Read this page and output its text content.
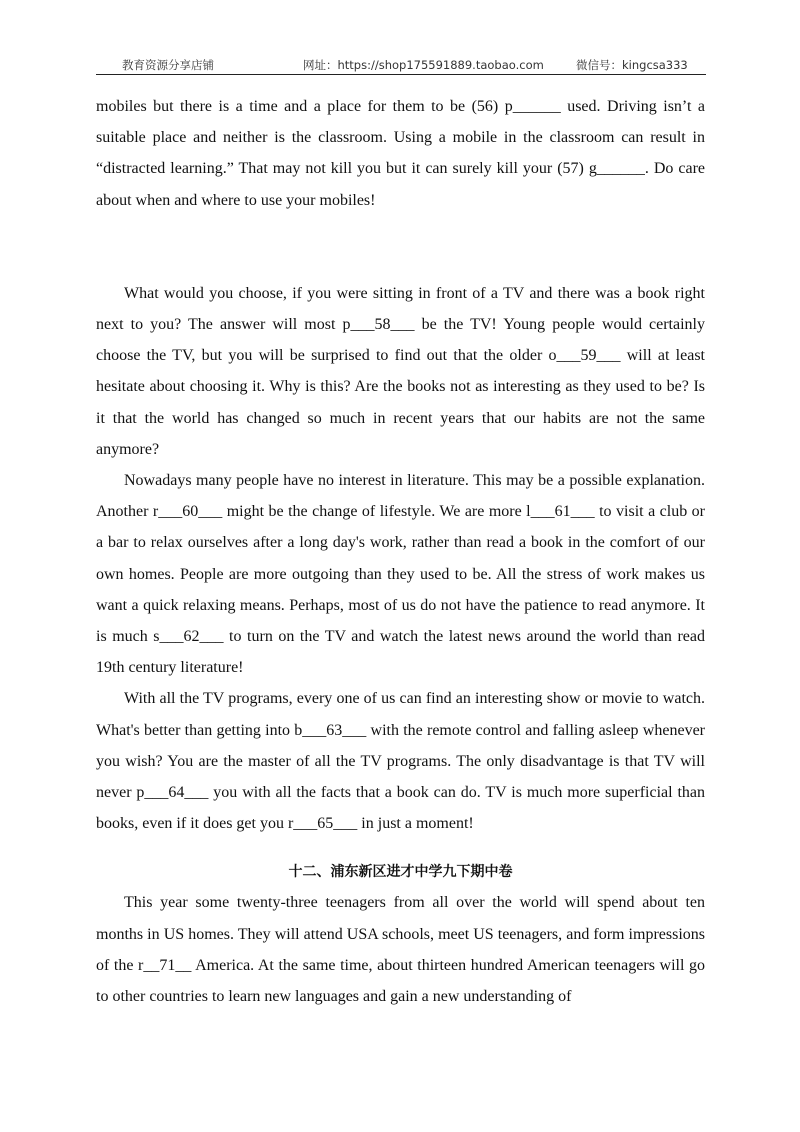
教育资源分享店铺	网址：https://shop175591889.taobao.com	微信号：kingcsa333

mobiles but there is a time and a place for them to be (56) p______ used. Driving isn’t a suitable place and neither is the classroom. Using a mobile in the classroom can result in “distracted learning.” That may not kill you but it can surely kill your (57) g______. Do care about when and where to use your mobiles!

What would you choose, if you were sitting in front of a TV and there was a book right next to you? The answer will most p___58___ be the TV! Young people would certainly choose the TV, but you will be surprised to find out that the older o___59___ will at least hesitate about choosing it. Why is this? Are the books not as interesting as they used to be? Is it that the world has changed so much in recent years that our habits are not the same anymore?

Nowadays many people have no interest in literature. This may be a possible explanation. Another r___60___ might be the change of lifestyle. We are more l___61___ to visit a club or a bar to relax ourselves after a long day's work, rather than read a book in the comfort of our own homes. People are more outgoing than they used to be. All the stress of work makes us want a quick relaxing means. Perhaps, most of us do not have the patience to read anymore. It is much s___62___ to turn on the TV and watch the latest news around the world than read 19th century literature!

With all the TV programs, every one of us can find an interesting show or movie to watch. What's better than getting into b___63___ with the remote control and falling asleep whenever you wish? You are the master of all the TV programs. The only disadvantage is that TV will never p___64___ you with all the facts that a book can do. TV is much more superficial than books, even if it does get you r___65___ in just a moment!

十二、浦东新区进才中学九下期中卷

This year some twenty-three teenagers from all over the world will spend about ten months in US homes. They will attend USA schools, meet US teenagers, and form impressions of the r__71__ America. At the same time, about thirteen hundred American teenagers will go to other countries to learn new languages and gain a new understanding of
